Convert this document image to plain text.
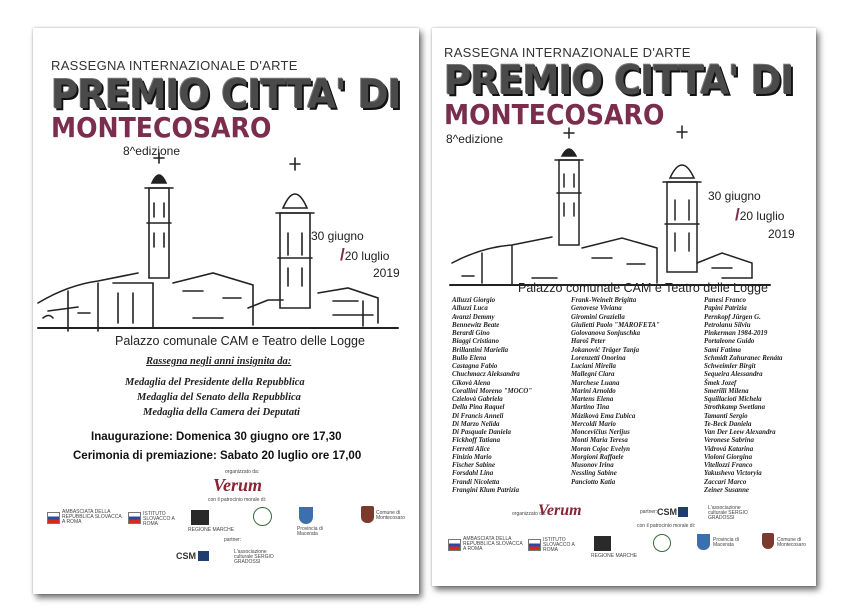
RASSEGNA INTERNAZIONALE D'ARTE
PREMIO CITTA' DI
MONTECOSARO
8^edizione
30 giugno
/20 luglio
2019
Palazzo comunale CAM e Teatro delle Logge
Rassegna negli anni insignita da:
Medaglia del Presidente della Repubblica
Medaglia del Senato della Repubblica
Medaglia della Camera dei Deputati
Inaugurazione: Domenica 30 giugno ore 17,30
Cerimonia di premiazione: Sabato 20 luglio ore 17,00
organizzato da:
Verum
con il patrocinio morale di:
AMBASCIATA DELLA REPUBBLICA SLOVACCA A ROMA
ISTITUTO SLOVACCO A ROMA
REGIONE MARCHE	Provincia di Macerata
Comune di Montecosaro
partner:
CSM	L'associazione culturale SERGIO GRADOSSI
RASSEGNA INTERNAZIONALE D'ARTE
PREMIO CITTA' DI
MONTECOSARO
8^edizione
30 giugno
/20 luglio
2019
Palazzo comunale CAM e Teatro delle Logge
Alluzzi Giorgio
Alluzzi Luca
Avanzi Demmy
Bennewitz Beate
Berardi Gino
Biaggi Cristiano
Brillantini Mariella
Bullo Elena
Castagna Fabio
Chuchmacz Aleksandra
Cikovà Alena
Corallini Moreno "MOCO"
Czielovà Gabriela
Della Pina Raquel
Di Francis Anneli
Di Marzo Nelida
Di Pasquale Daniela
Fickhoff Tatiana
Ferretti Alice
Finizio Mario
Fischer Sabine
Forsdahl Lina
Frandi Nicoletta
Frangini Klum Patrizia
Frank-Weinelt Brigitta
Genovese Viviana
Giromini Graziella
Giulietti Paolo "MAROFETA"
Golovanova Sonjuschka
Haroš Peter
Jokanović Träger Tanja
Lorenzetti Onorina
Luciani Mirella
Mallegni Clara
Marchese Luana
Marini Arnoldo
Martens Elena
Martino Tina
Mázikovà Ema Ľubica
Mercoldi Mario
Moncevičius Nerijus
Monti Maria Teresa
Moran Cojoc Evelyn
Morgioni Raffaele
Musonov Irina
Nessling Sabine
Panciotto Katia
Panesi Franco
Papini Patrizia
Pernkopf Jürgen G.
Petrolanu Silviu
Pinkerman 1984-2019
Portaleone Guido
Sami Fatima
Schmidt Zahuranec Renáta
Schweimler Birgit
Sequeira Alessandra
Šmek Jozef
Smerilli Milena
Squillacioti Michela
Strothkamp Swetlana
Tamanti Sergio
Te-Beck Daniela
Van Der Leew Alexandra
Veronese Sabrina
Vidrová Katarina
Violoni Giorgina
Vitellozzi Franco
Yakusheva Victoryia
Zaccari Marco
Zeiner Susanne
organizzato da:
Verum	partner: CSM	L'associazione culturale SERGIO GRADOSSI
con il patrocinio morale di:
AMBASCIATA DELLA REPUBBLICA SLOVACCA A ROMA
ISTITUTO SLOVACCO A ROMA
REGIONE MARCHE
Provincia di Macerata
Comune di Montecosaro
